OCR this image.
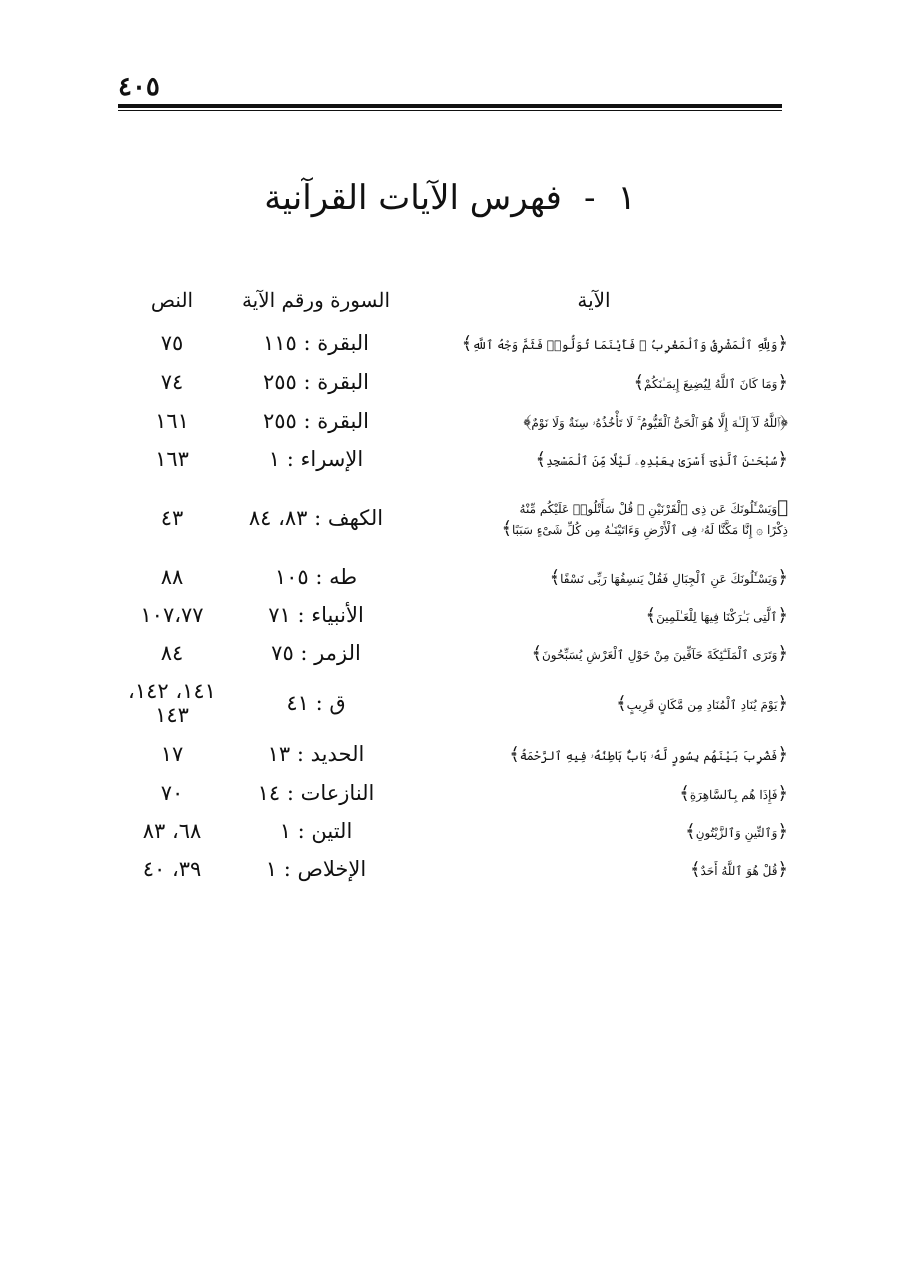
٤٠٥
١-فهرس الآيات القرآنية
الآية	السورة ورقم الآية	النص

﴿وَلِلَّهِ ٱلْمَشْرِقُ وَٱلْمَغْرِبُ ۚ فَأَيْنَمَا تُوَلُّوا۟ فَثَمَّ وَجْهُ ٱللَّهِ﴾	البقرة : ١١٥	٧٥

﴿وَمَا كَانَ ٱللَّهُ لِيُضِيعَ إِيمَـٰنَكُمْ﴾	البقرة : ٢٥٥	٧٤

﴿ٱللَّهُ لَآ إِلَـٰهَ إِلَّا هُوَ ٱلْحَىُّ ٱلْقَيُّومُ ۚ لَا تَأْخُذُهُۥ سِنَةٌ وَلَا نَوْمٌ﴾	البقرة : ٢٥٥	١٦١

﴿سُبْحَـٰنَ ٱلَّذِىٓ أَسْرَىٰ بِعَبْدِهِۦ لَيْلًا مِّنَ ٱلْمَسْجِدِ﴾	الإسراء : ١	١٦٣

﴿وَيَسْـَٔلُونَكَ عَن ذِى ٱلْقَرْنَيْنِ ۖ قُلْ سَأَتْلُوا۟ عَلَيْكُم مِّنْهُ
ذِكْرًا ۞ إِنَّا مَكَّنَّا لَهُۥ فِى ٱلْأَرْضِ وَءَاتَيْنَـٰهُ مِن كُلِّ شَىْءٍ سَبَبًا﴾	الكهف : ٨٣، ٨٤	٤٣

﴿وَيَسْـَٔلُونَكَ عَنِ ٱلْجِبَالِ فَقُلْ يَنسِفُهَا رَبِّى نَسْفًا﴾	طه : ١٠٥	٨٨

﴿ٱلَّتِى بَـٰرَكْنَا فِيهَا لِلْعَـٰلَمِينَ﴾	الأنبياء : ٧١	١٠٧،٧٧

﴿وَتَرَى ٱلْمَلَـٰٓئِكَةَ حَآفِّينَ مِنْ حَوْلِ ٱلْعَرْشِ يُسَبِّحُونَ﴾	الزمر : ٧٥	٨٤

﴿يَوْمَ يُنَادِ ٱلْمُنَادِ مِن مَّكَانٍ قَرِيبٍ﴾	ق : ٤١	١٤١، ١٤٢، ١٤٣

﴿فَضُرِبَ بَيْنَهُم بِسُورٍ لَّهُۥ بَابٌۢ بَاطِنُهُۥ فِيهِ ٱلرَّحْمَةُ﴾	الحديد : ١٣	١٧

﴿فَإِذَا هُم بِٱلسَّاهِرَةِ﴾	النازعات : ١٤	٧٠

﴿وَٱلتِّينِ وَٱلزَّيْتُونِ﴾	التين : ١	٦٨، ٨٣

﴿قُلْ هُوَ ٱللَّهُ أَحَدٌ﴾	الإخلاص : ١	٣٩، ٤٠
